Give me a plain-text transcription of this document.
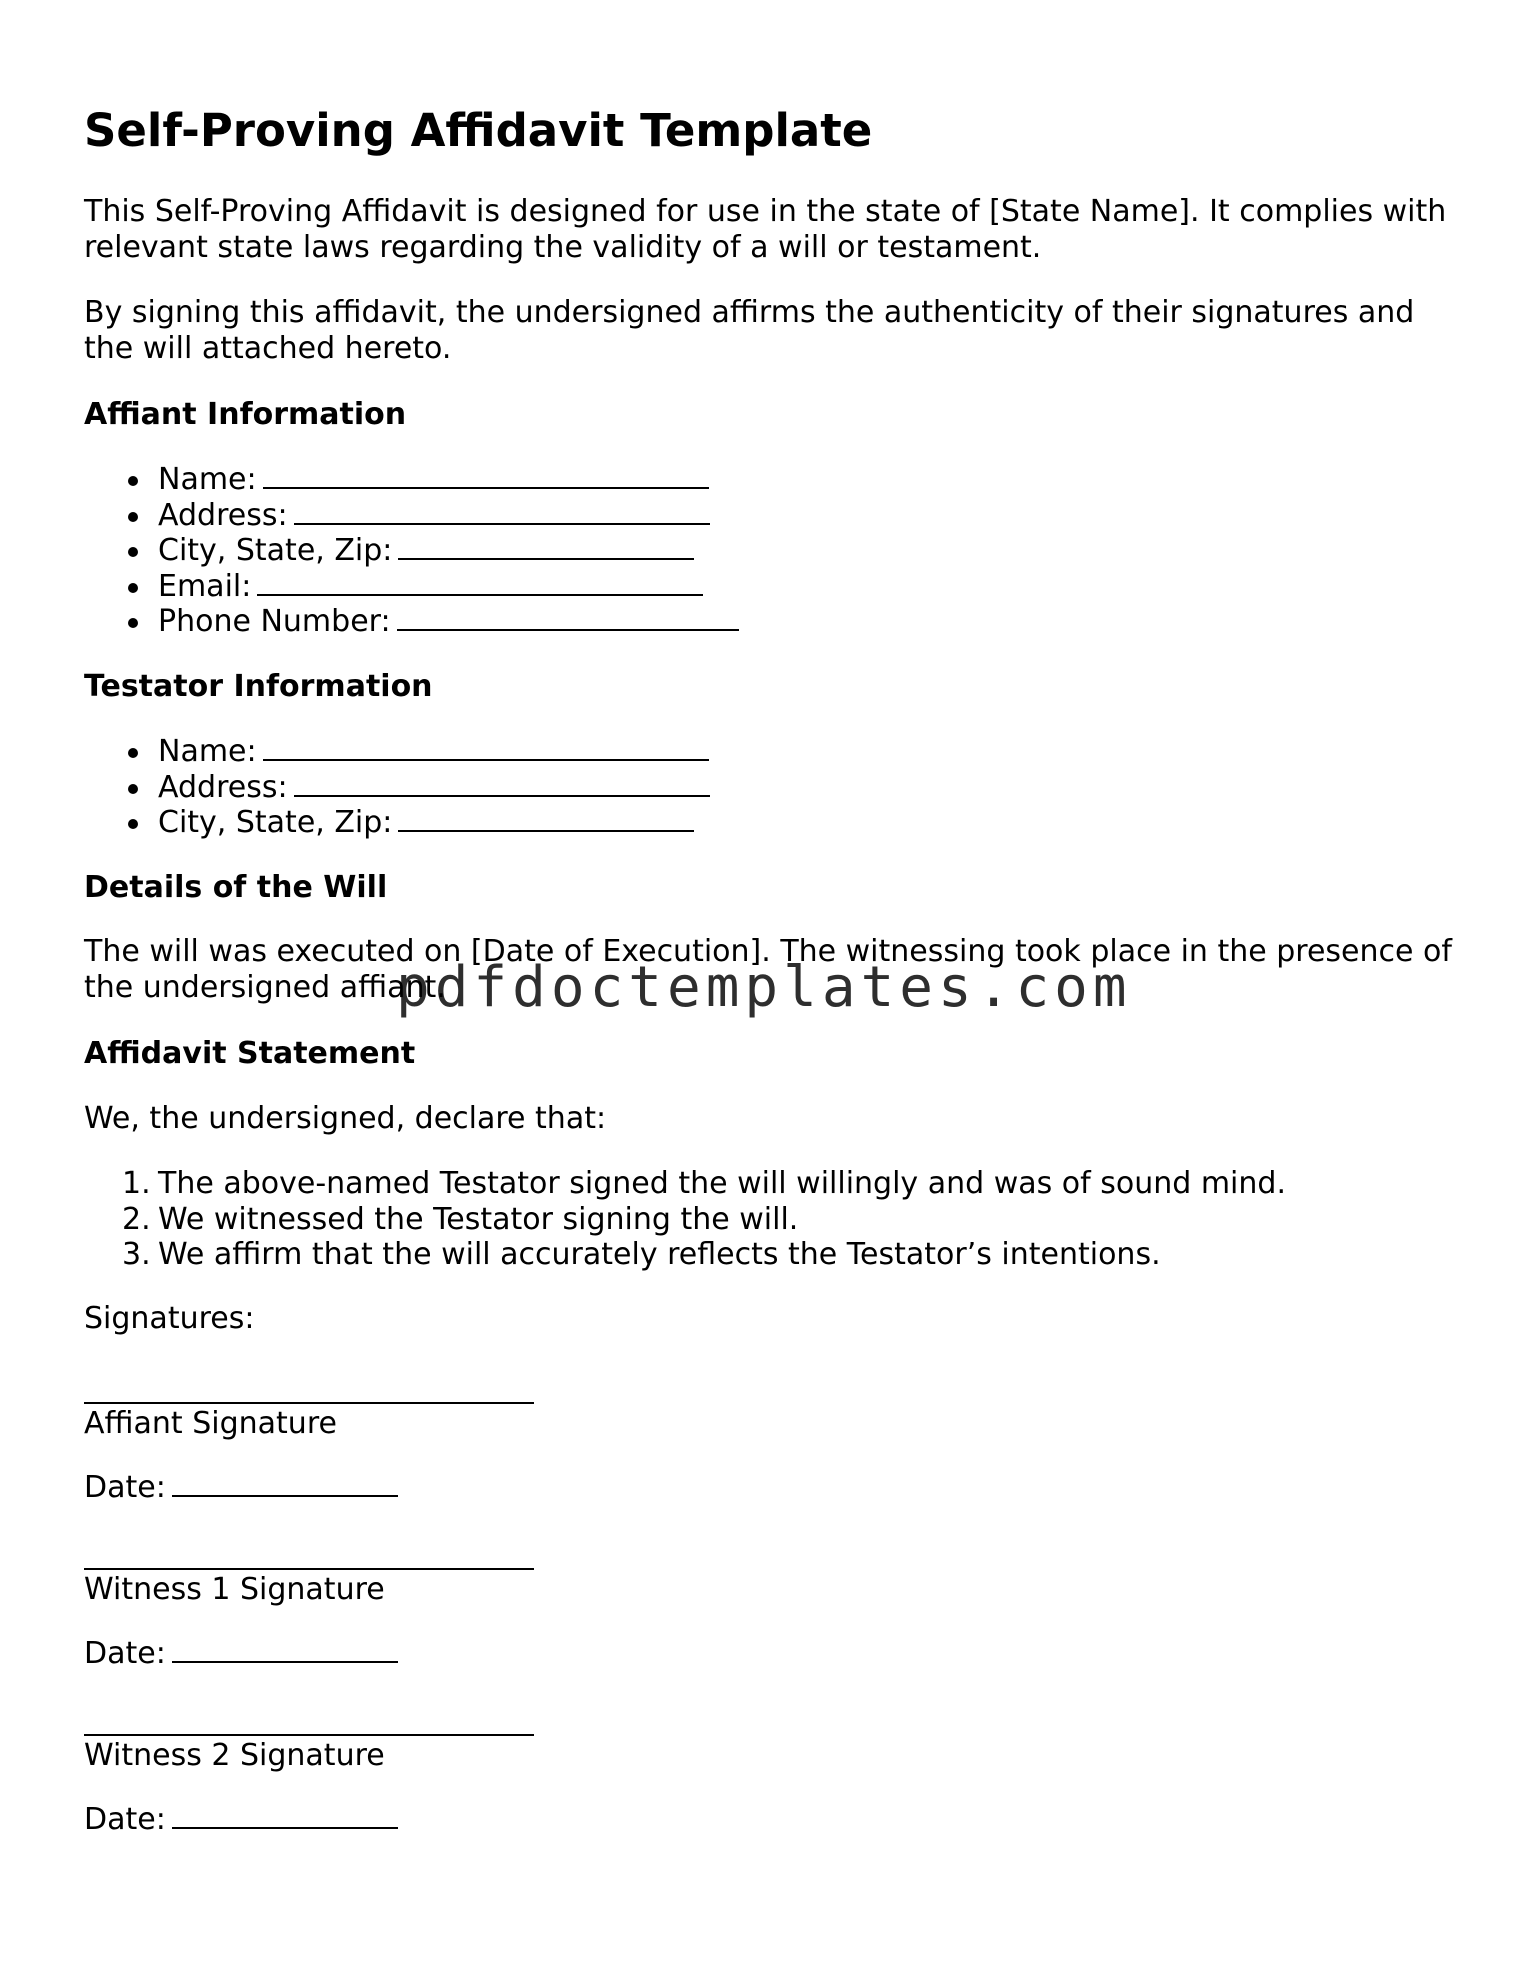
Self-Proving Affidavit Template

This Self-Proving Affidavit is designed for use in the state of [State Name]. It complies with relevant state laws regarding the validity of a will or testament.

By signing this affidavit, the undersigned affirms the authenticity of their signatures and the will attached hereto.

Affiant Information
Name:
Address:
City, State, Zip:
Email:
Phone Number:
Testator Information
Name:
Address:
City, State, Zip:
Details of the Will

The will was executed on [Date of Execution]. The witnessing took place in the presence of the undersigned affiant.

Affidavit Statement

We, the undersigned, declare that:

1. The above-named Testator signed the will willingly and was of sound mind.
2. We witnessed the Testator signing the will.
3. We affirm that the will accurately reflects the Testator’s intentions.

Signatures:

Affiant Signature
Date:
Witness 1 Signature
Date:
Witness 2 Signature
Date:
pdfdoctemplates.com
